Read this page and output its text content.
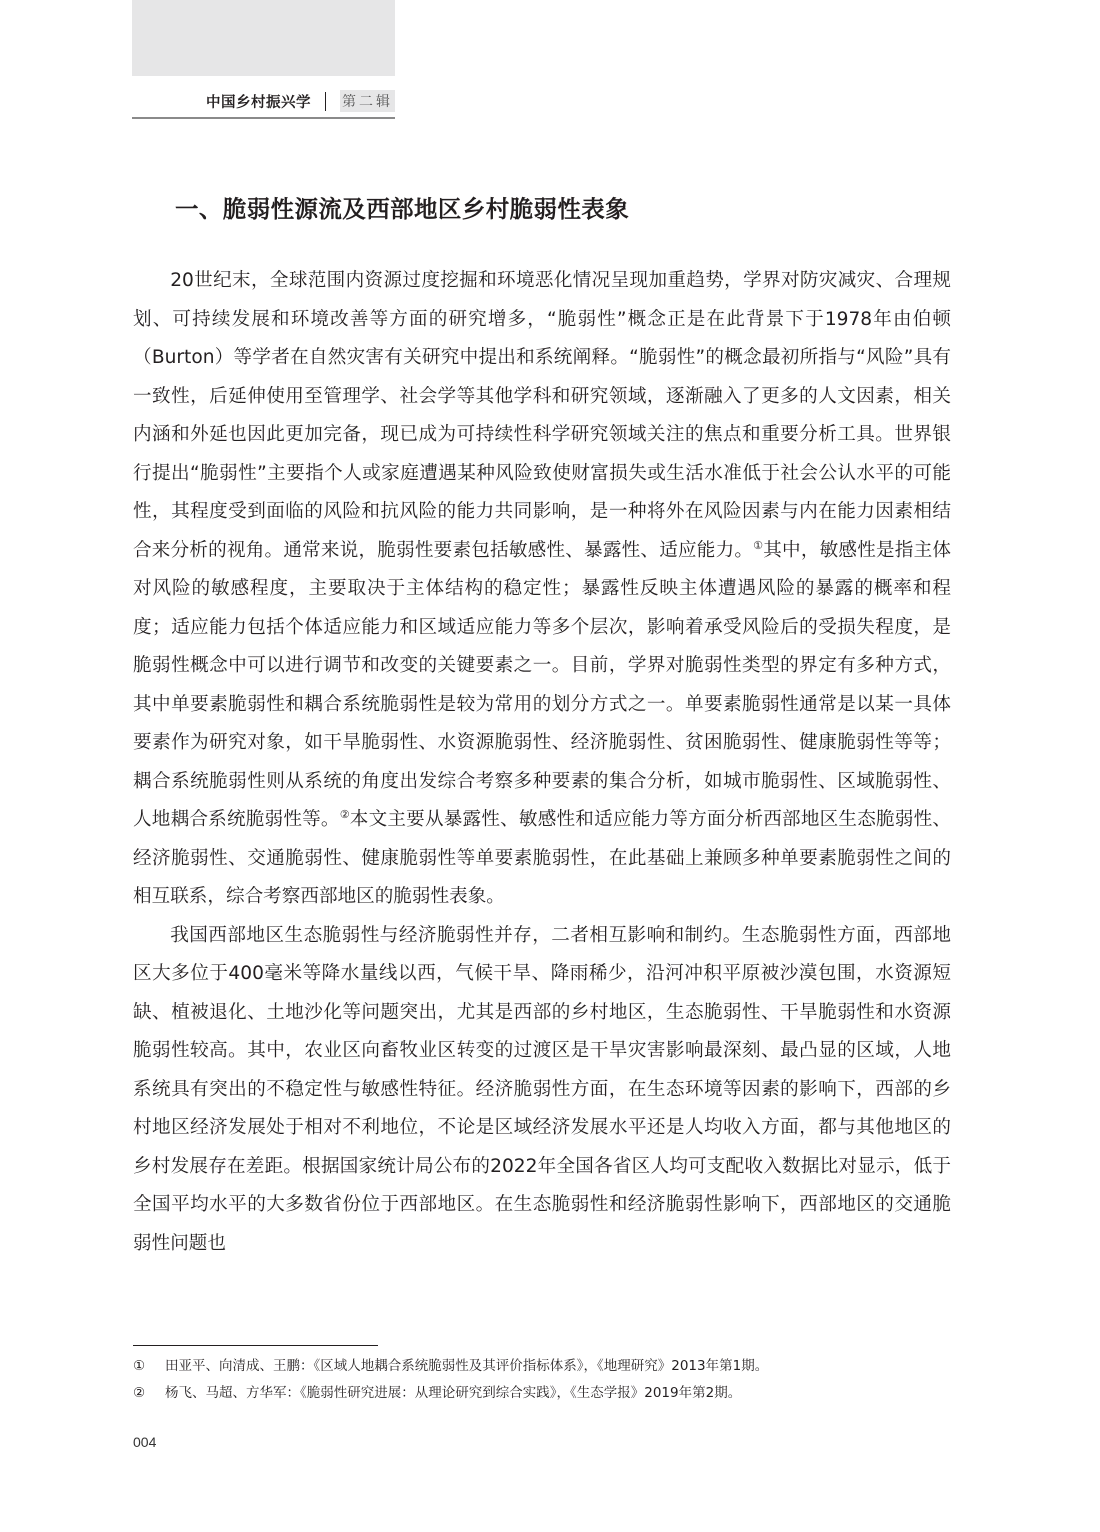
中国乡村振兴学 第二辑
一、脆弱性源流及西部地区乡村脆弱性表象

20世纪末，全球范围内资源过度挖掘和环境恶化情况呈现加重趋势，学界对防灾减灾、合理规划、可持续发展和环境改善等方面的研究增多，“脆弱性”概念正是在此背景下于1978年由伯顿（Burton）等学者在自然灾害有关研究中提出和系统阐释。“脆弱性”的概念最初所指与“风险”具有一致性，后延伸使用至管理学、社会学等其他学科和研究领域，逐渐融入了更多的人文因素，相关内涵和外延也因此更加完备，现已成为可持续性科学研究领域关注的焦点和重要分析工具。世界银行提出“脆弱性”主要指个人或家庭遭遇某种风险致使财富损失或生活水准低于社会公认水平的可能性，其程度受到面临的风险和抗风险的能力共同影响，是一种将外在风险因素与内在能力因素相结合来分析的视角。通常来说，脆弱性要素包括敏感性、暴露性、适应能力。①其中，敏感性是指主体对风险的敏感程度，主要取决于主体结构的稳定性；暴露性反映主体遭遇风险的暴露的概率和程度；适应能力包括个体适应能力和区域适应能力等多个层次，影响着承受风险后的受损失程度，是脆弱性概念中可以进行调节和改变的关键要素之一。目前，学界对脆弱性类型的界定有多种方式，其中单要素脆弱性和耦合系统脆弱性是较为常用的划分方式之一。单要素脆弱性通常是以某一具体要素作为研究对象，如干旱脆弱性、水资源脆弱性、经济脆弱性、贫困脆弱性、健康脆弱性等等；耦合系统脆弱性则从系统的角度出发综合考察多种要素的集合分析，如城市脆弱性、区域脆弱性、人地耦合系统脆弱性等。②本文主要从暴露性、敏感性和适应能力等方面分析西部地区生态脆弱性、经济脆弱性、交通脆弱性、健康脆弱性等单要素脆弱性，在此基础上兼顾多种单要素脆弱性之间的相互联系，综合考察西部地区的脆弱性表象。

我国西部地区生态脆弱性与经济脆弱性并存，二者相互影响和制约。生态脆弱性方面，西部地区大多位于400毫米等降水量线以西，气候干旱、降雨稀少，沿河冲积平原被沙漠包围，水资源短缺、植被退化、土地沙化等问题突出，尤其是西部的乡村地区，生态脆弱性、干旱脆弱性和水资源脆弱性较高。其中，农业区向畜牧业区转变的过渡区是干旱灾害影响最深刻、最凸显的区域，人地系统具有突出的不稳定性与敏感性特征。经济脆弱性方面，在生态环境等因素的影响下，西部的乡村地区经济发展处于相对不利地位，不论是区域经济发展水平还是人均收入方面，都与其他地区的乡村发展存在差距。根据国家统计局公布的2022年全国各省区人均可支配收入数据比对显示，低于全国平均水平的大多数省份位于西部地区。在生态脆弱性和经济脆弱性影响下，西部地区的交通脆弱性问题也

①	田亚平、向清成、王鹏：《区域人地耦合系统脆弱性及其评价指标体系》，《地理研究》2013年第1期。
②	杨飞、马超、方华军：《脆弱性研究进展：从理论研究到综合实践》，《生态学报》2019年第2期。
004
